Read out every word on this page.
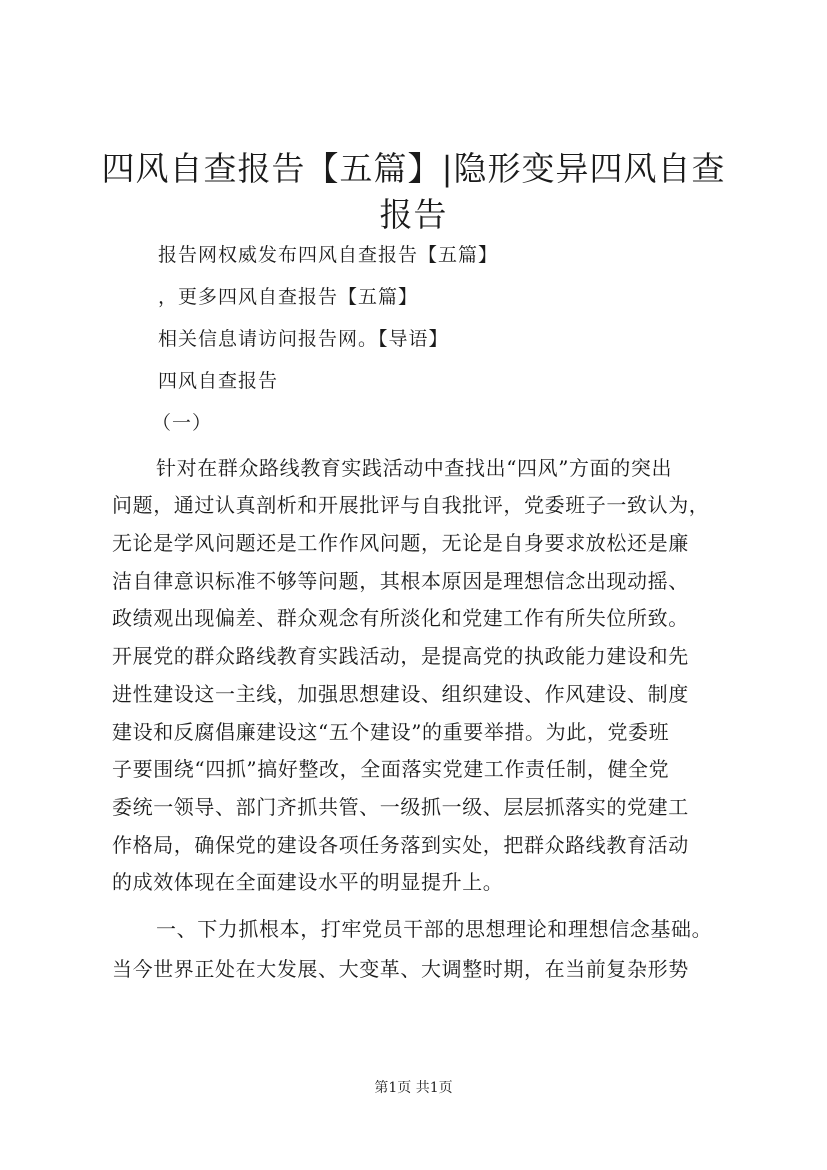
四风自查报告【五篇】|隐形变异四风自查报告
报告网权威发布四风自查报告【五篇】
，更多四风自查报告【五篇】
相关信息请访问报告网。【导语】
四风自查报告
（一）
针对在群众路线教育实践活动中查找出“四风”方面的突出
问题，通过认真剖析和开展批评与自我批评，党委班子一致认为，
无论是学风问题还是工作作风问题，无论是自身要求放松还是廉
洁自律意识标准不够等问题，其根本原因是理想信念出现动摇、
政绩观出现偏差、群众观念有所淡化和党建工作有所失位所致。
开展党的群众路线教育实践活动，是提高党的执政能力建设和先
进性建设这一主线，加强思想建设、组织建设、作风建设、制度
建设和反腐倡廉建设这“五个建设”的重要举措。为此，党委班
子要围绕“四抓”搞好整改，全面落实党建工作责任制，健全党
委统一领导、部门齐抓共管、一级抓一级、层层抓落实的党建工
作格局，确保党的建设各项任务落到实处，把群众路线教育活动
的成效体现在全面建设水平的明显提升上。
一、下力抓根本，打牢党员干部的思想理论和理想信念基础。
当今世界正处在大发展、大变革、大调整时期，在当前复杂形势
第1页 共1页
